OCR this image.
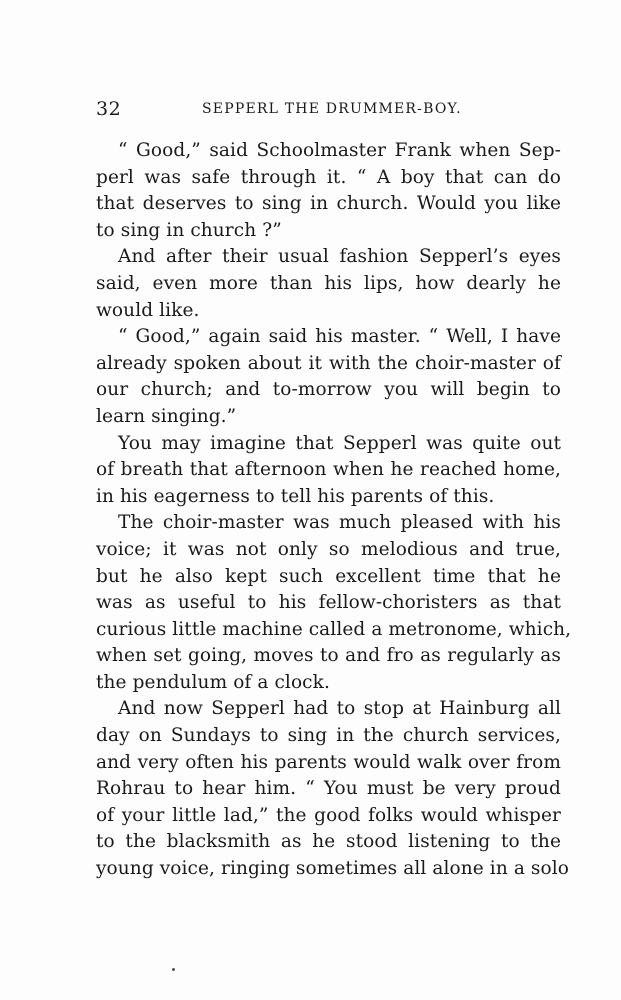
32	SEPPERL THE DRUMMER-BOY.
“ Good,” said Schoolmaster Frank when Sep-
perl was safe through it. “ A boy that can do
that deserves to sing in church. Would you like
to sing in church ?”
And after their usual fashion Sepperl’s eyes
said, even more than his lips, how dearly he
would like.
“ Good,” again said his master. “ Well, I have
already spoken about it with the choir-master of
our church; and to-morrow you will begin to
learn singing.”
You may imagine that Sepperl was quite out
of breath that afternoon when he reached home,
in his eagerness to tell his parents of this.
The choir-master was much pleased with his
voice; it was not only so melodious and true,
but he also kept such excellent time that he
was as useful to his fellow-choristers as that
curious little machine called a metronome, which,
when set going, moves to and fro as regularly as
the pendulum of a clock.
And now Sepperl had to stop at Hainburg all
day on Sundays to sing in the church services,
and very often his parents would walk over from
Rohrau to hear him. “ You must be very proud
of your little lad,” the good folks would whisper
to the blacksmith as he stood listening to the
young voice, ringing sometimes all alone in a solo
